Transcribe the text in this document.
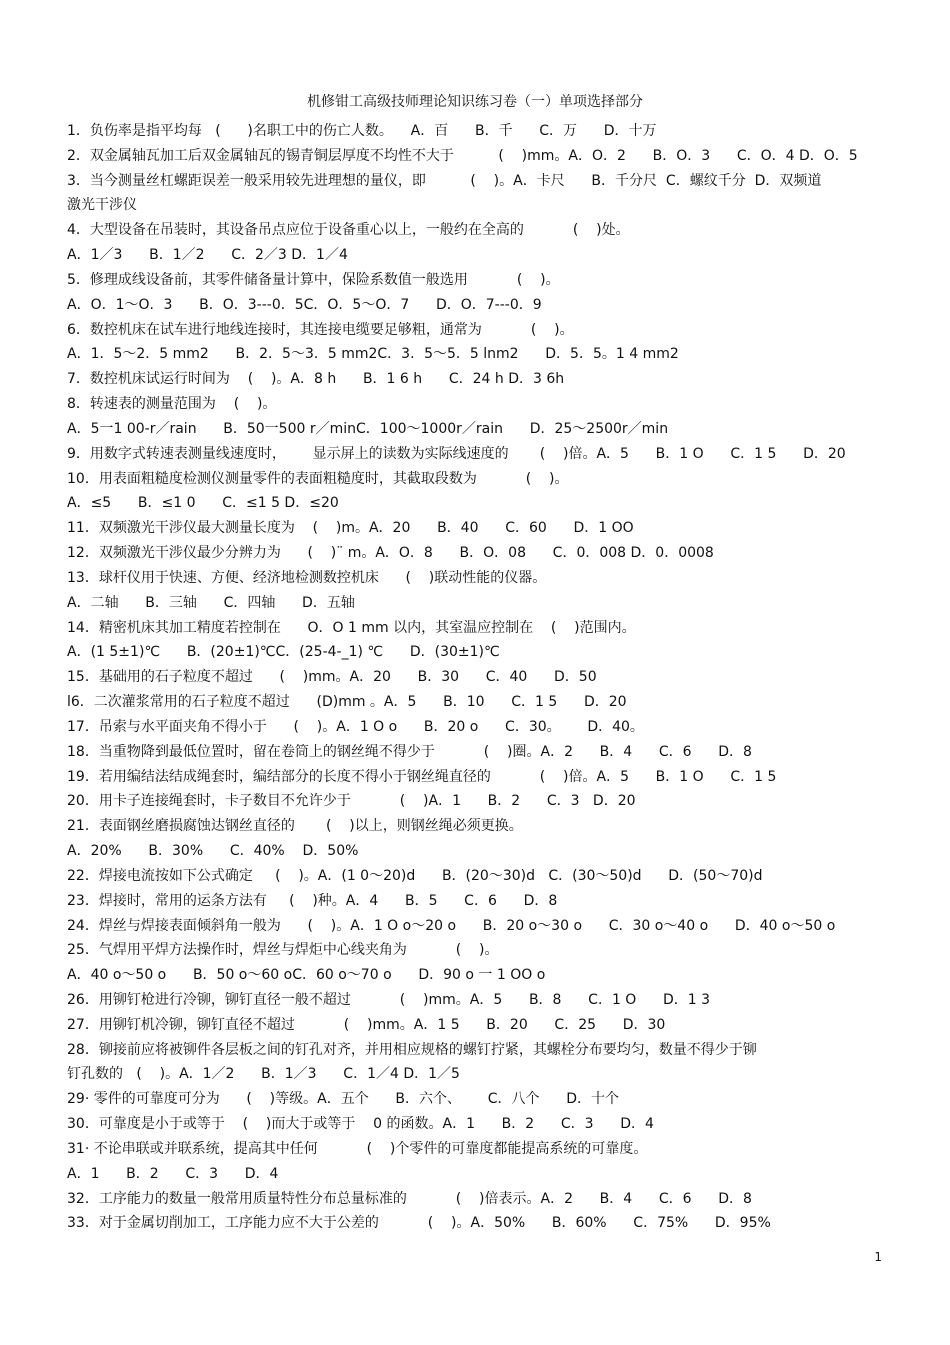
机修钳工高级技师理论知识练习卷（一）单项选择部分
1．负伤率是指平均每   (      )名职工中的伤亡人数。    A．百      B．千      C．万      D．十万
2．双金属轴瓦加工后双金属轴瓦的锡青铜层厚度不均性不大于          (    )mm。A．O．2      B．O．3      C．O．4 D．O．5
3．当今测量丝杠螺距误差一般采用较先进理想的量仪，即          (    )。A．卡尺      B．千分尺  C．螺纹千分  D．双频道
激光干涉仪
4．大型设备在吊装时，其设备吊点应位于设备重心以上，一般约在全高的           (    )处。
A．1／3      B．1／2      C．2／3 D．1／4
5．修理成线设备前，其零件储备量计算中，保险系数值一般选用           (    )。
A．O．1～O．3      B．O．3---0．5C．O．5～O．7      D．O．7---0．9
6．数控机床在试车进行地线连接时，其连接电缆要足够粗，通常为           (    )。
A．1．5～2．5 mm2      B．2．5～3．5 mm2C．3．5～5．5 lnm2      D．5．5。1 4 mm2
7．数控机床试运行时间为    (    )。A．8 h      B．1 6 h      C．24 h D．3 6h
8．转速表的测量范围为    (    )。
A．5一1 00-r／rain      B．50一500 r／minC．100～1000r／rain      D．25～2500r／min
9．用数字式转速表测量线速度时，      显示屏上的读数为实际线速度的       (    )倍。A．5      B．1 O      C．1 5      D．20
10．用表面粗糙度检测仪测量零件的表面粗糙度时，其截取段数为           (    )。
A．≤5      B．≤1 0      C．≤1 5 D．≤20
11．双频激光干涉仪最大测量长度为    (    )m。A．20      B．40      C．60      D．1 OO
12．双频激光干涉仪最少分辨力为      (    )¨ m。A．O．8      B．O．08      C．0．008 D．0．0008
13．球杆仪用于快速、方便、经济地检测数控机床      (    )联动性能的仪器。
A．二轴      B．三轴      C．四轴      D．五轴
14．精密机床其加工精度若控制在      O．O 1 mm 以内，其室温应控制在    (    )范围内。
A．(1 5±1)℃      B．(20±1)℃C．(25-4-_1) ℃      D．(30±1)℃
15．基础用的石子粒度不超过      (    )mm。A．20      B．30      C．40      D．50
l6．二次灌浆常用的石子粒度不超过      (D)mm 。A．5      B．10      C．1 5      D．20
17．吊索与水平面夹角不得小于      (    )。A．1 O o      B．20 o      C．30。      D．40。
18．当重物降到最低位置时，留在卷筒上的钢丝绳不得少于           (    )圈。A．2      B．4      C．6      D．8
19．若用编结法结成绳套时，编结部分的长度不得小于钢丝绳直径的           (    )倍。A．5      B．1 O      C．1 5
20．用卡子连接绳套时，卡子数目不允许少于           (    )A．1      B．2      C．3   D．20
21．表面钢丝磨损腐蚀达钢丝直径的       (    )以上，则钢丝绳必须更换。
A．20%      B．30%      C．40%    D．50%
22．焊接电流按如下公式确定     (    )。A．(1 0～20)d      B．(20～30)d   C．(30～50)d      D．(50～70)d
23．焊接时，常用的运条方法有     (    )种。A．4      B．5      C．6      D．8
24．焊丝与焊接表面倾斜角一般为      (    )。A．1 O o～20 o      B．20 o～30 o      C．30 o～40 o      D．40 o～50 o
25．气焊用平焊方法操作时，焊丝与焊炬中心线夹角为           (    )。
A．40 o～50 o      B．50 o～60 oC．60 o～70 o      D．90 o 一 1 OO o
26．用铆钉枪进行冷铆，铆钉直径一般不超过           (    )mm。A．5      B．8      C．1 O      D．1 3
27．用铆钉机冷铆，铆钉直径不超过           (    )mm。A．1 5      B．20      C．25      D．30
28．铆接前应将被铆件各层板之间的钉孔对齐，并用相应规格的螺钉拧紧，其螺栓分布要均匀，数量不得少于铆
钉孔数的   (    )。A．1／2      B．1／3      C．1／4 D．1／5
29· 零件的可靠度可分为      (    )等级。A．五个      B．六个、      C．八个      D．十个
30．可靠度是小于或等于    (    )而大于或等于    0 的函数。A．1      B．2      C．3      D．4
31· 不论串联或并联系统，提高其中任何           (    )个零件的可靠度都能提高系统的可靠度。
A．1      B．2      C．3      D．4
32．工序能力的数量一般常用质量特性分布总量标准的           (    )倍表示。A．2      B．4      C．6      D．8
33．对于金属切削加工，工序能力应不大于公差的           (    )。A．50%      B．60%      C．75%      D．95%
1
